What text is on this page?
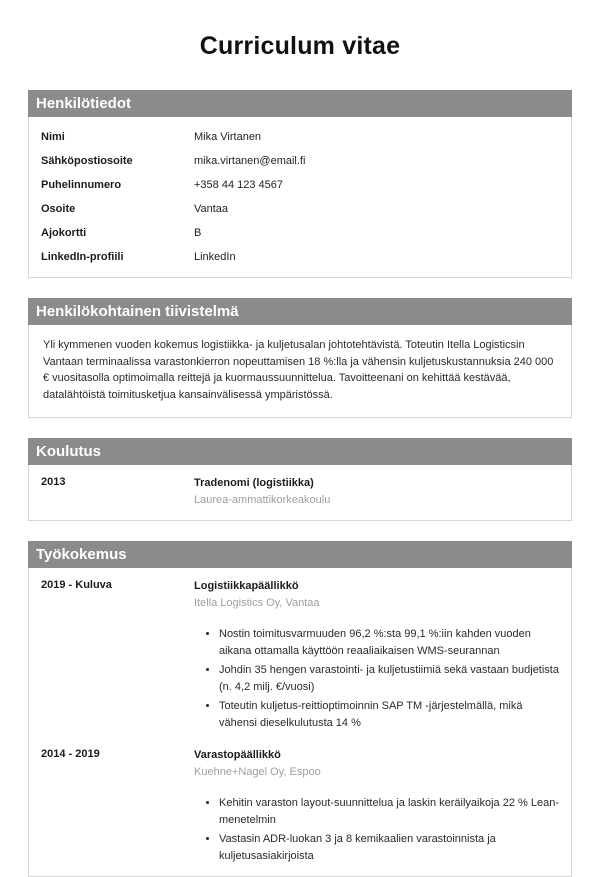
Curriculum vitae
Henkilötiedot
Nimi	Mika Virtanen
Sähköpostiosoite	mika.virtanen@email.fi
Puhelinnumero	+358 44 123 4567
Osoite	Vantaa
Ajokortti	B
LinkedIn-profiili	LinkedIn
Henkilökohtainen tiivistelmä

Yli kymmenen vuoden kokemus logistiikka- ja kuljetusalan johtotehtävistä. Toteutin Itella Logisticsin Vantaan terminaalissa varastonkierron nopeuttamisen 18 %:lla ja vähensin kuljetuskustannuksia 240 000 € vuositasolla optimoimalla reittejä ja kuormaussuunnittelua. Tavoitteenani on kehittää kestävää, datalähtöistä toimitusketjua kansainvälisessä ympäristössä.

Koulutus
2013	Tradenomi (logistiikka)
Laurea-ammattikorkeakoulu
Työkokemus
2019 - Kuluva	Logistiikkapäällikkö
Itella Logistics Oy, Vantaa
• Nostin toimitusvarmuuden 96,2 %:sta 99,1 %:iin kahden vuoden aikana ottamalla käyttöön reaaliaikaisen WMS-seurannan
• Johdin 35 hengen varastointi- ja kuljetustiimiä sekä vastaan budjetista (n. 4,2 milj. €/vuosi)
• Toteutin kuljetus-reittioptimoinnin SAP TM -järjestelmällä, mikä vähensi dieselkulutusta 14 %
2014 - 2019	Varastopäällikkö
Kuehne+Nagel Oy, Espoo
• Kehitin varaston layout-suunnittelua ja laskin keräilyaikoja 22 % Lean-menetelmin
• Vastasin ADR-luokan 3 ja 8 kemikaalien varastoinnista ja kuljetusasiakirjoista
